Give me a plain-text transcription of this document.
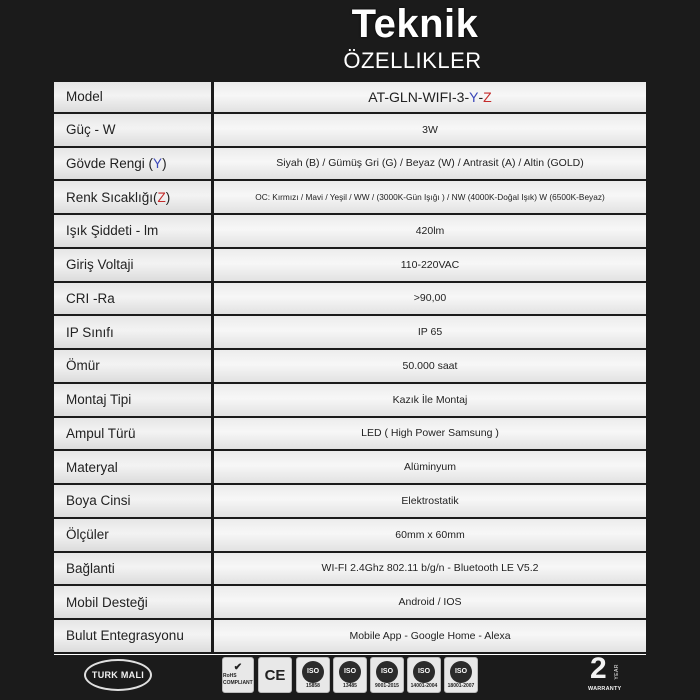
Teknik
ÖZELLIKLER
Model	AT-GLN-WIFI-3- Y - Z
Güç - W	3W
Gövde Rengi ( Y )	Siyah (B) / Gümüş Gri (G) / Beyaz (W) / Antrasit (A) / Altin (GOLD)
Renk Sıcaklığı( Z )	OC: Kırmızı / Mavi / Yeşil / WW / (3000K-Gün Işığı ) / NW (4000K-Doğal Işık) W (6500K-Beyaz)
Işık Şiddeti - lm	420lm
Giriş Voltaji	110-220VAC
CRI -Ra	>90,00
IP Sınıfı	IP 65
Ömür	50.000 saat
Montaj Tipi	Kazık İle Montaj
Ampul Türü	LED ( High Power Samsung )
Materyal	Alüminyum
Boya Cinsi	Elektrostatik
Ölçüler	60mm x 60mm
Bağlanti	WI-FI 2.4Ghz 802.11 b/g/n - Bluetooth LE V5.2
Mobil Desteği	Android / IOS
Bulut Entegrasyonu	Mobile App - Google Home - Alexa
TURK MALI
✔
RoHS COMPLIANT CE	ISO
15858
ISO
13485
ISO
9001-2015
ISO
14001-2004
ISO
18001-2007
2 YEAR
WARRANTY
